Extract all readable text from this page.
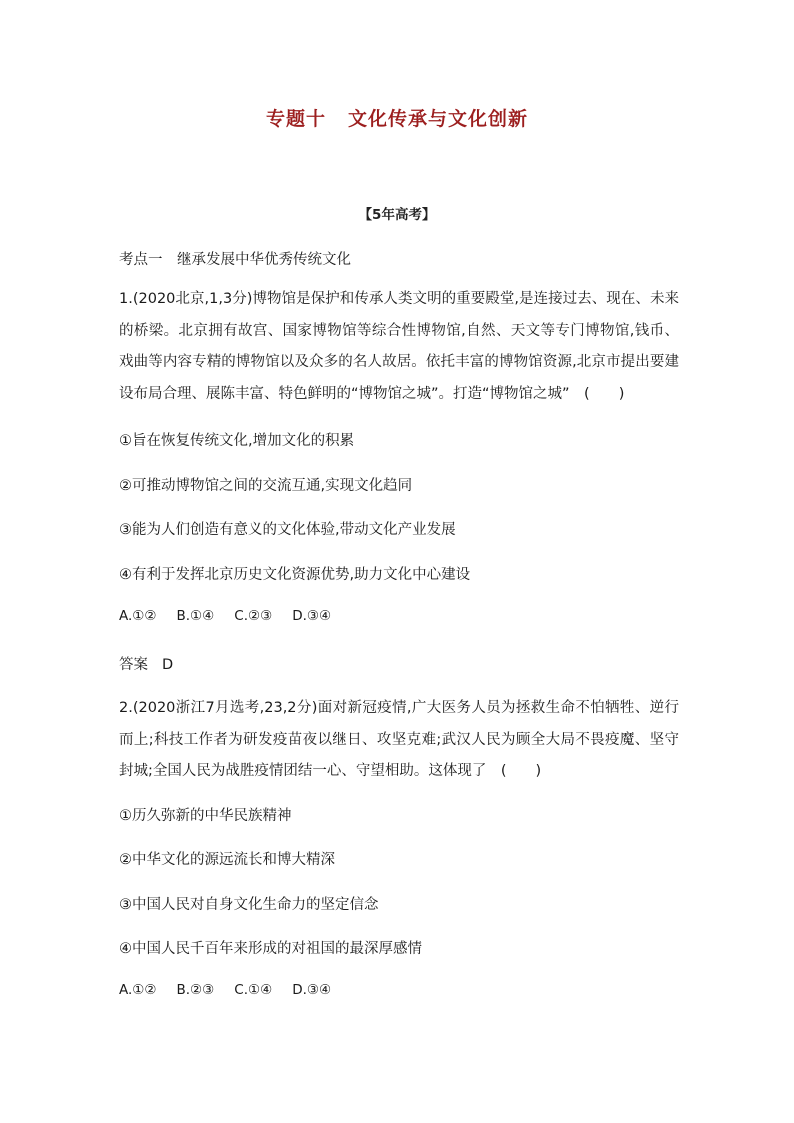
专题十 文化传承与文化创新
【5年高考】
考点一　继承发展中华优秀传统文化
1.(2020北京,1,3分)博物馆是保护和传承人类文明的重要殿堂,是连接过去、现在、未来的桥梁。北京拥有故宫、国家博物馆等综合性博物馆,自然、天文等专门博物馆,钱币、戏曲等内容专精的博物馆以及众多的名人故居。依托丰富的博物馆资源,北京市提出要建设布局合理、展陈丰富、特色鲜明的“博物馆之城”。打造“博物馆之城”　(　　)
①旨在恢复传统文化,增加文化的积累
②可推动博物馆之间的交流互通,实现文化趋同
③能为人们创造有意义的文化体验,带动文化产业发展
④有利于发挥北京历史文化资源优势,助力文化中心建设
A.①② B.①④ C.②③ D.③④
答案 D
2.(2020浙江7月选考,23,2分)面对新冠疫情,广大医务人员为拯救生命不怕牺牲、逆行而上;科技工作者为研发疫苗夜以继日、攻坚克难;武汉人民为顾全大局不畏疫魔、坚守封城;全国人民为战胜疫情团结一心、守望相助。这体现了　(　　)
①历久弥新的中华民族精神
②中华文化的源远流长和博大精深
③中国人民对自身文化生命力的坚定信念
④中国人民千百年来形成的对祖国的最深厚感情
A.①② B.②③ C.①④ D.③④
